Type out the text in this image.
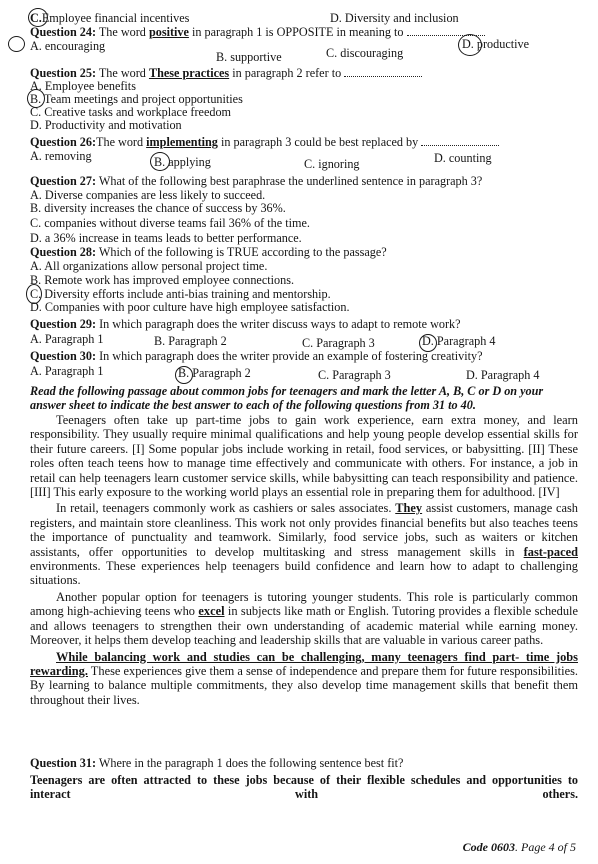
C.Employee financial incentives	D. Diversity and inclusion
Question 24: The word positive in paragraph 1 is OPPOSITE in meaning to
A. encouraging
B. supportive	C. discouraging
D. productive
Question 25: The word These practices in paragraph 2 refer to
A. Employee benefits
B. Team meetings and project opportunities
C. Creative tasks and workplace freedom
D. Productivity and motivation
Question 26:The word implementing in paragraph 3 could be best replaced by
A. removing	B. applying	C. ignoring	D. counting
Question 27: What of the following best paraphrase the underlined sentence in paragraph 3?
A. Diverse companies are less likely to succeed.
B. diversity increases the chance of success by 36%.
C. companies without diverse teams fail 36% of the time.
D. a 36% increase in teams leads to better performance.
Question 28: Which of the following is TRUE according to the passage?
A. All organizations allow personal project time.
B. Remote work has improved employee connections.
C. Diversity efforts include anti-bias training and mentorship.
D. Companies with poor culture have high employee satisfaction.
Question 29: In which paragraph does the writer discuss ways to adapt to remote work?
A. Paragraph 1	B. Paragraph 2	C. Paragraph 3	D. Paragraph 4
Question 30: In which paragraph does the writer provide an example of fostering creativity?
A. Paragraph 1	B. Paragraph 2	C. Paragraph 3	D. Paragraph 4
Read the following passage about common jobs for teenagers and mark the letter A, B, C or D on your answer sheet to indicate the best answer to each of the following questions from 31 to 40.

Teenagers often take up part-time jobs to gain work experience, earn extra money, and learn responsibility. They usually require minimal qualifications and help young people develop essential skills for their future careers. [I] Some popular jobs include working in retail, food services, or babysitting. [II] These roles often teach teens how to manage time effectively and communicate with others. For instance, a job in retail can help teenagers learn customer service skills, while babysitting can teach responsibility and patience. [III] This early exposure to the working world plays an essential role in preparing them for adulthood. [IV]

In retail, teenagers commonly work as cashiers or sales associates. They assist customers, manage cash registers, and maintain store cleanliness. This work not only provides financial benefits but also teaches teens the importance of punctuality and teamwork. Similarly, food service jobs, such as waiters or kitchen assistants, offer opportunities to develop multitasking and stress management skills in fast-paced environments. These experiences help teenagers build confidence and learn how to adapt to challenging situations.

Another popular option for teenagers is tutoring younger students. This role is particularly common among high-achieving teens who excel in subjects like math or English. Tutoring provides a flexible schedule and allows teenagers to strengthen their own understanding of academic material while earning money. Moreover, it helps them develop teaching and leadership skills that are valuable in various career paths.

While balancing work and studies can be challenging, many teenagers find part- time jobs rewarding. These experiences give them a sense of independence and prepare them for future responsibilities. By learning to balance multiple commitments, they also develop time management skills that benefit them throughout their lives.

Question 31: Where in the paragraph 1 does the following sentence best fit?
Teenagers are often attracted to these jobs because of their flexible schedules and opportunities to interact with others.
Code 0603. Page 4 of 5
